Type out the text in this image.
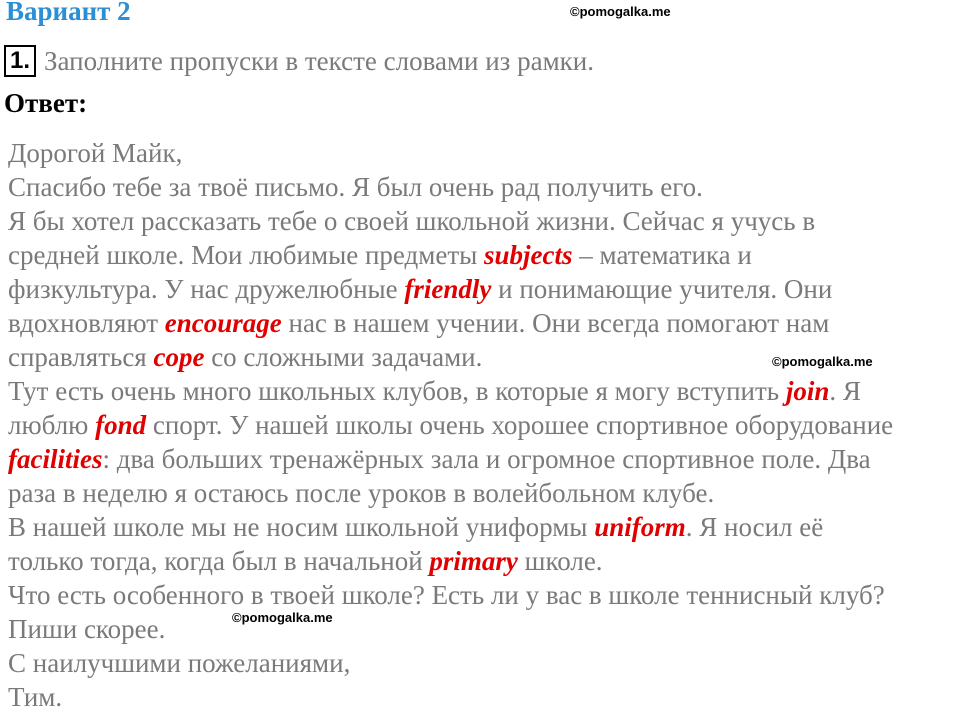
Вариант 2	©pomogalka.me
©pomogalka.me
©pomogalka.me
1. Заполните пропуски в тексте словами из рамки.
Ответ:
Дорогой Майк,
Спасибо тебе за твоё письмо. Я был очень рад получить его.
Я бы хотел рассказать тебе о своей школьной жизни. Сейчас я учусь в
средней школе. Мои любимые предметы subjects – математика и
физкультура. У нас дружелюбные friendly и понимающие учителя. Они
вдохновляют encourage нас в нашем учении. Они всегда помогают нам
справляться cope со сложными задачами.
Тут есть очень много школьных клубов, в которые я могу вступить join. Я
люблю fond спорт. У нашей школы очень хорошее спортивное оборудование
facilities: два больших тренажёрных зала и огромное спортивное поле. Два
раза в неделю я остаюсь после уроков в волейбольном клубе.
В нашей школе мы не носим школьной униформы uniform. Я носил её
только тогда, когда был в начальной primary школе.
Что есть особенного в твоей школе? Есть ли у вас в школе теннисный клуб?
Пиши скорее.
С наилучшими пожеланиями,
Тим.
